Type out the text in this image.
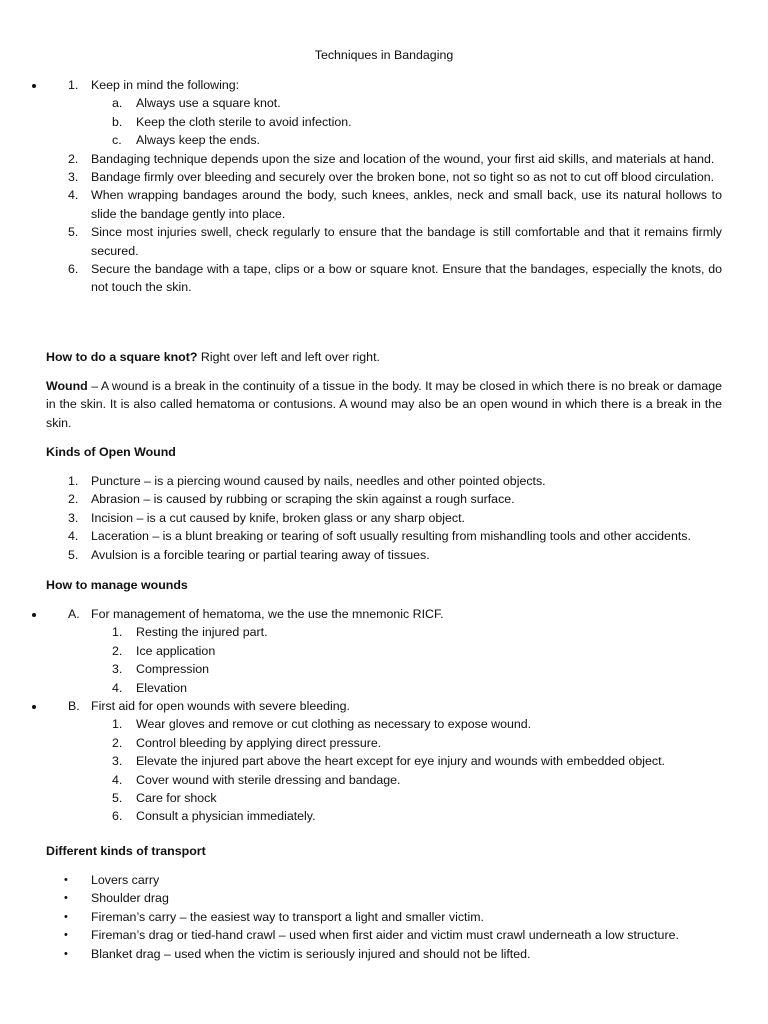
Techniques in Bandaging
• 1. Keep in mind the following:
a. Always use a square knot.
b. Keep the cloth sterile to avoid infection.
c. Always keep the ends.
2. Bandaging technique depends upon the size and location of the wound, your first aid skills, and materials at hand.
3. Bandage firmly over bleeding and securely over the broken bone, not so tight so as not to cut off blood circulation.
4. When wrapping bandages around the body, such knees, ankles, neck and small back, use its natural hollows to slide the bandage gently into place.
5. Since most injuries swell, check regularly to ensure that the bandage is still comfortable and that it remains firmly secured.
6. Secure the bandage with a tape, clips or a bow or square knot. Ensure that the bandages, especially the knots, do not touch the skin.
How to do a square knot? Right over left and left over right.
Wound – A wound is a break in the continuity of a tissue in the body. It may be closed in which there is no break or damage in the skin. It is also called hematoma or contusions. A wound may also be an open wound in which there is a break in the skin.
Kinds of Open Wound
1. Puncture – is a piercing wound caused by nails, needles and other pointed objects.
2. Abrasion – is caused by rubbing or scraping the skin against a rough surface.
3. Incision – is a cut caused by knife, broken glass or any sharp object.
4. Laceration – is a blunt breaking or tearing of soft usually resulting from mishandling tools and other accidents.
5. Avulsion is a forcible tearing or partial tearing away of tissues.
How to manage wounds
• A. For management of hematoma, we the use the mnemonic RICF.
1. Resting the injured part.
2. Ice application
3. Compression
4. Elevation
• B. First aid for open wounds with severe bleeding.
1. Wear gloves and remove or cut clothing as necessary to expose wound.
2. Control bleeding by applying direct pressure.
3. Elevate the injured part above the heart except for eye injury and wounds with embedded object.
4. Cover wound with sterile dressing and bandage.
5. Care for shock
6. Consult a physician immediately.
Different kinds of transport
• Lovers carry
• Shoulder drag
• Fireman’s carry – the easiest way to transport a light and smaller victim.
• Fireman’s drag or tied-hand crawl – used when first aider and victim must crawl underneath a low structure.
• Blanket drag – used when the victim is seriously injured and should not be lifted.
